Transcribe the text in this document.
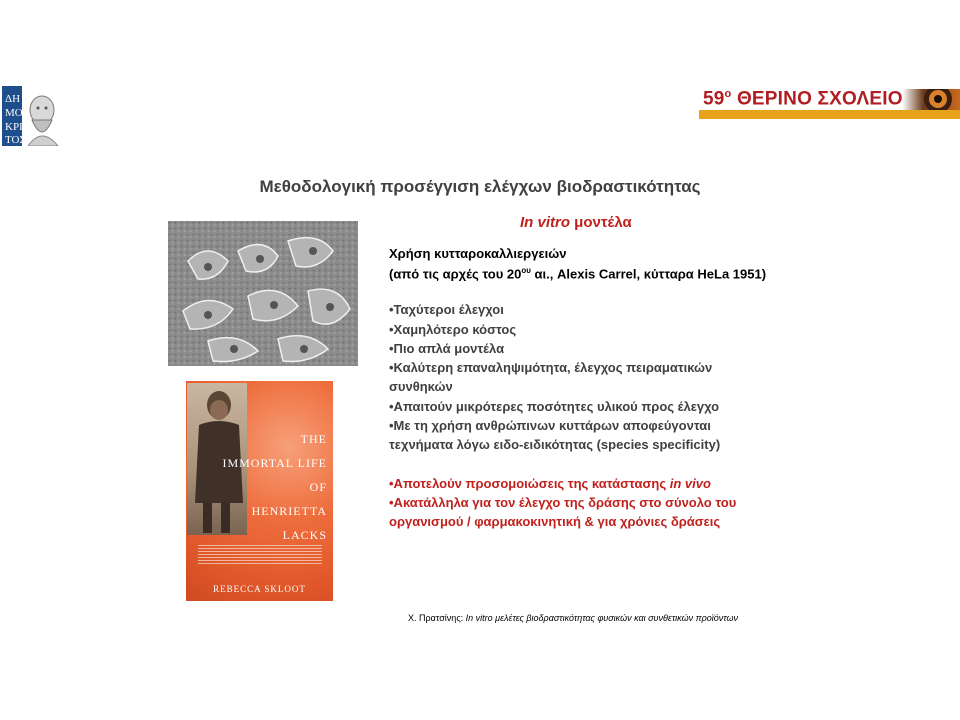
ΔΗ
ΜΟ
ΚΡΙ
ΤΟΣ
$59^o$ ΘΕΡΙΝΟ ΣΧΟΛΕΙΟ
Μεθοδολογική προσέγγιση ελέγχων βιοδραστικότητας
In vitro μοντέλα
THE
IMMORTAL LIFE
OF
HENRIETTA
LACKS
REBECCA SKLOOT
Χρήση κυτταροκαλλιεργειών
(από τις αρχές του $20^{o\upsilon}$ αι., Alexis Carrel, κύτταρα HeLa 1951)
•Ταχύτεροι έλεγχοι
•Χαμηλότερο κόστος
•Πιο απλά μοντέλα
•Καλύτερη επαναληψιμότητα, έλεγχος πειραματικών
συνθηκών
•Απαιτούν μικρότερες ποσότητες υλικού προς έλεγχο
•Με τη χρήση ανθρώπινων κυττάρων αποφεύγονται
τεχνήματα λόγω ειδο-ειδικότητας (species specificity)
•Αποτελούν προσομοιώσεις της κατάστασης in vivo
•Ακατάλληλα για τον έλεγχο της δράσης στο σύνολο του
οργανισμού / φαρμακοκινητική & για χρόνιες δράσεις
Χ. Πρατσίνης: In vitro μελέτες βιοδραστικότητας φυσικών και συνθετικών προϊόντων
